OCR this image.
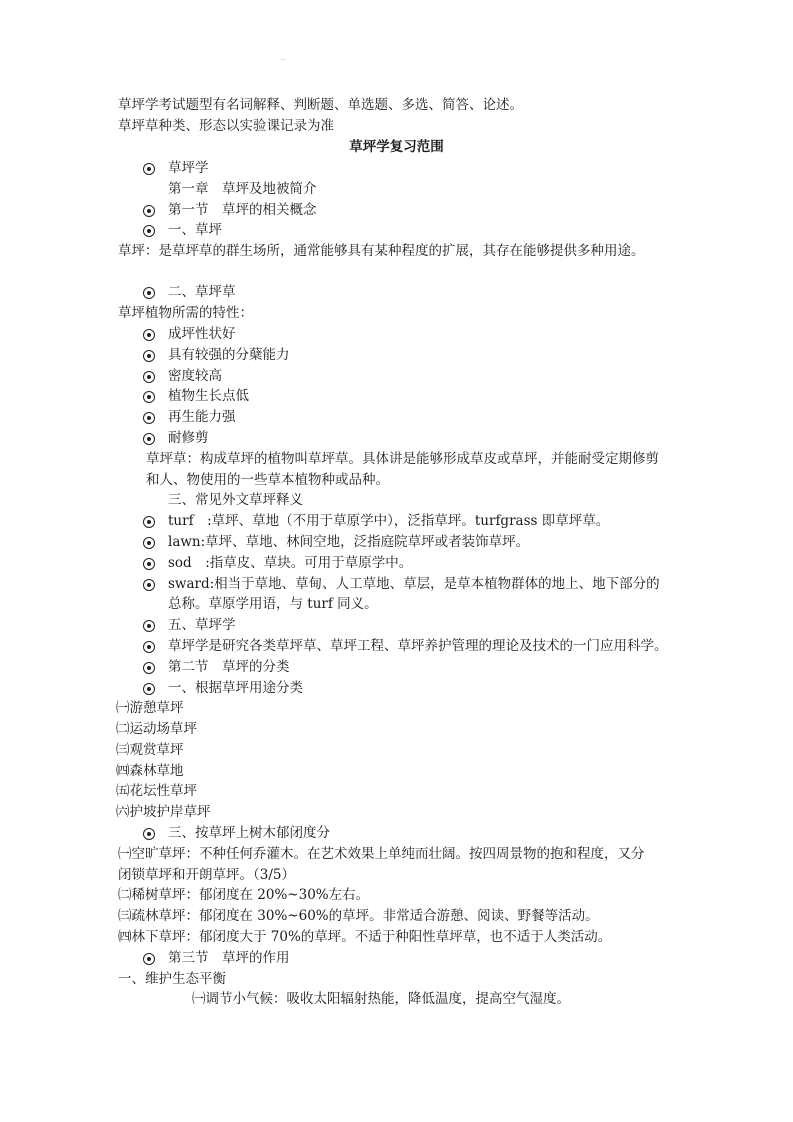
..
草坪学考试题型有名词解释、判断题、单选题、多选、简答、论述。
草坪草种类、形态以实验课记录为准
草坪学复习范围
草坪学
第一章　草坪及地被简介
第一节　草坪的相关概念
一、草坪
草坪：是草坪草的群生场所，通常能够具有某种程度的扩展，其存在能够提供多种用途。
二、草坪草
草坪植物所需的特性：
成坪性状好
具有较强的分蘖能力
密度较高
植物生长点低
再生能力强
耐修剪
草坪草：构成草坪的植物叫草坪草。具体讲是能够形成草皮或草坪，并能耐受定期修剪
和人、物使用的一些草本植物种或品种。
三、常见外文草坪释义
turf　:草坪、草地（不用于草原学中），泛指草坪。turfgrass 即草坪草。
lawn:草坪、草地、林间空地，泛指庭院草坪或者装饰草坪。
sod　:指草皮、草块。可用于草原学中。
sward:相当于草地、草甸、人工草地、草层，是草本植物群体的地上、地下部分的
总称。草原学用语，与 turf 同义。
五、草坪学
草坪学是研究各类草坪草、草坪工程、草坪养护管理的理论及技术的一门应用科学。
第二节　草坪的分类
一、根据草坪用途分类
㈠游憩草坪
㈡运动场草坪
㈢观赏草坪
㈣森林草地
㈤花坛性草坪
㈥护坡护岸草坪
三、按草坪上树木郁闭度分
㈠空旷草坪：不种任何乔灌木。在艺术效果上单纯而壮阔。按四周景物的抱和程度，又分
闭锁草坪和开朗草坪。（3/5）
㈡稀树草坪：郁闭度在 20%~30%左右。
㈢疏林草坪：郁闭度在 30%~60%的草坪。非常适合游憩、阅读、野餐等活动。
㈣林下草坪：郁闭度大于 70%的草坪。不适于种阳性草坪草，也不适于人类活动。
第三节　草坪的作用
一、维护生态平衡
㈠调节小气候：吸收太阳辐射热能，降低温度，提高空气湿度。
